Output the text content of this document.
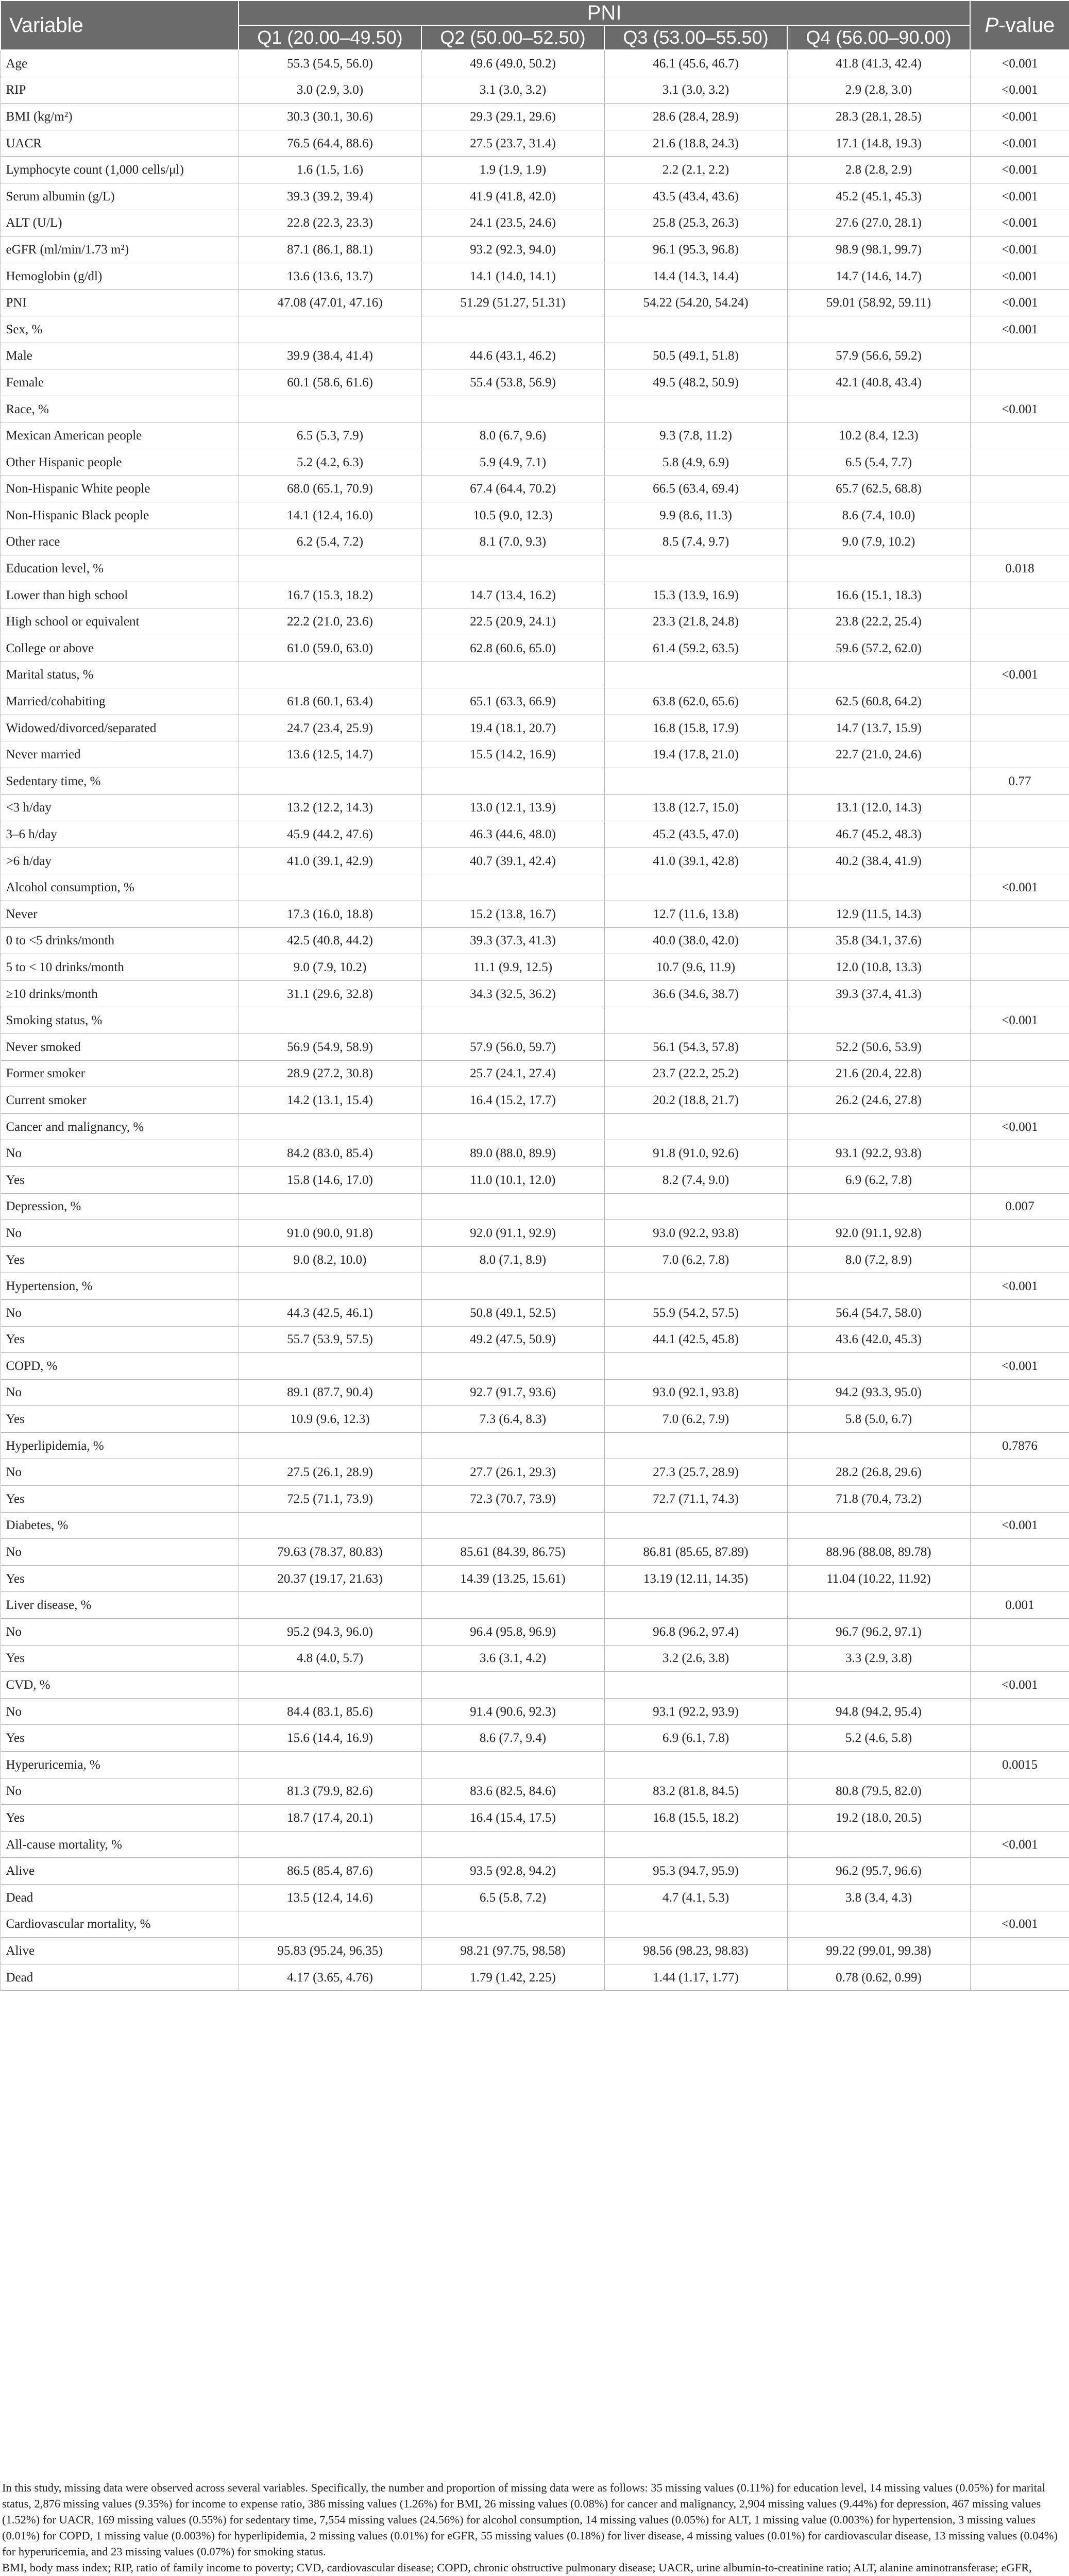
Variable	PNI				P-value
	Q1 (20.00–49.50)	Q2 (50.00–52.50)	Q3 (53.00–55.50)	Q4 (56.00–90.00)	
Age	55.3 (54.5, 56.0)	49.6 (49.0, 50.2)	46.1 (45.6, 46.7)	41.8 (41.3, 42.4)	<0.001
RIP	3.0 (2.9, 3.0)	3.1 (3.0, 3.2)	3.1 (3.0, 3.2)	2.9 (2.8, 3.0)	<0.001
BMI (kg/m²)	30.3 (30.1, 30.6)	29.3 (29.1, 29.6)	28.6 (28.4, 28.9)	28.3 (28.1, 28.5)	<0.001
UACR	76.5 (64.4, 88.6)	27.5 (23.7, 31.4)	21.6 (18.8, 24.3)	17.1 (14.8, 19.3)	<0.001
Lymphocyte count (1,000 cells/μl)	1.6 (1.5, 1.6)	1.9 (1.9, 1.9)	2.2 (2.1, 2.2)	2.8 (2.8, 2.9)	<0.001
Serum albumin (g/L)	39.3 (39.2, 39.4)	41.9 (41.8, 42.0)	43.5 (43.4, 43.6)	45.2 (45.1, 45.3)	<0.001
ALT (U/L)	22.8 (22.3, 23.3)	24.1 (23.5, 24.6)	25.8 (25.3, 26.3)	27.6 (27.0, 28.1)	<0.001
eGFR (ml/min/1.73 m²)	87.1 (86.1, 88.1)	93.2 (92.3, 94.0)	96.1 (95.3, 96.8)	98.9 (98.1, 99.7)	<0.001
Hemoglobin (g/dl)	13.6 (13.6, 13.7)	14.1 (14.0, 14.1)	14.4 (14.3, 14.4)	14.7 (14.6, 14.7)	<0.001
PNI	47.08 (47.01, 47.16)	51.29 (51.27, 51.31)	54.22 (54.20, 54.24)	59.01 (58.92, 59.11)	<0.001
Sex, %					<0.001
Male	39.9 (38.4, 41.4)	44.6 (43.1, 46.2)	50.5 (49.1, 51.8)	57.9 (56.6, 59.2)	
Female	60.1 (58.6, 61.6)	55.4 (53.8, 56.9)	49.5 (48.2, 50.9)	42.1 (40.8, 43.4)	
Race, %					<0.001
Mexican American people	6.5 (5.3, 7.9)	8.0 (6.7, 9.6)	9.3 (7.8, 11.2)	10.2 (8.4, 12.3)	
Other Hispanic people	5.2 (4.2, 6.3)	5.9 (4.9, 7.1)	5.8 (4.9, 6.9)	6.5 (5.4, 7.7)	
Non-Hispanic White people	68.0 (65.1, 70.9)	67.4 (64.4, 70.2)	66.5 (63.4, 69.4)	65.7 (62.5, 68.8)	
Non-Hispanic Black people	14.1 (12.4, 16.0)	10.5 (9.0, 12.3)	9.9 (8.6, 11.3)	8.6 (7.4, 10.0)	
Other race	6.2 (5.4, 7.2)	8.1 (7.0, 9.3)	8.5 (7.4, 9.7)	9.0 (7.9, 10.2)	
Education level, %					0.018
Lower than high school	16.7 (15.3, 18.2)	14.7 (13.4, 16.2)	15.3 (13.9, 16.9)	16.6 (15.1, 18.3)	
High school or equivalent	22.2 (21.0, 23.6)	22.5 (20.9, 24.1)	23.3 (21.8, 24.8)	23.8 (22.2, 25.4)	
College or above	61.0 (59.0, 63.0)	62.8 (60.6, 65.0)	61.4 (59.2, 63.5)	59.6 (57.2, 62.0)	
Marital status, %					<0.001
Married/cohabiting	61.8 (60.1, 63.4)	65.1 (63.3, 66.9)	63.8 (62.0, 65.6)	62.5 (60.8, 64.2)	
Widowed/divorced/separated	24.7 (23.4, 25.9)	19.4 (18.1, 20.7)	16.8 (15.8, 17.9)	14.7 (13.7, 15.9)	
Never married	13.6 (12.5, 14.7)	15.5 (14.2, 16.9)	19.4 (17.8, 21.0)	22.7 (21.0, 24.6)	
Sedentary time, %					0.77
<3 h/day	13.2 (12.2, 14.3)	13.0 (12.1, 13.9)	13.8 (12.7, 15.0)	13.1 (12.0, 14.3)	
3–6 h/day	45.9 (44.2, 47.6)	46.3 (44.6, 48.0)	45.2 (43.5, 47.0)	46.7 (45.2, 48.3)	
>6 h/day	41.0 (39.1, 42.9)	40.7 (39.1, 42.4)	41.0 (39.1, 42.8)	40.2 (38.4, 41.9)	
Alcohol consumption, %					<0.001
Never	17.3 (16.0, 18.8)	15.2 (13.8, 16.7)	12.7 (11.6, 13.8)	12.9 (11.5, 14.3)	
0 to <5 drinks/month	42.5 (40.8, 44.2)	39.3 (37.3, 41.3)	40.0 (38.0, 42.0)	35.8 (34.1, 37.6)	
5 to < 10 drinks/month	9.0 (7.9, 10.2)	11.1 (9.9, 12.5)	10.7 (9.6, 11.9)	12.0 (10.8, 13.3)	
≥10 drinks/month	31.1 (29.6, 32.8)	34.3 (32.5, 36.2)	36.6 (34.6, 38.7)	39.3 (37.4, 41.3)	
Smoking status, %					<0.001
Never smoked	56.9 (54.9, 58.9)	57.9 (56.0, 59.7)	56.1 (54.3, 57.8)	52.2 (50.6, 53.9)	
Former smoker	28.9 (27.2, 30.8)	25.7 (24.1, 27.4)	23.7 (22.2, 25.2)	21.6 (20.4, 22.8)	
Current smoker	14.2 (13.1, 15.4)	16.4 (15.2, 17.7)	20.2 (18.8, 21.7)	26.2 (24.6, 27.8)	
Cancer and malignancy, %					<0.001
No	84.2 (83.0, 85.4)	89.0 (88.0, 89.9)	91.8 (91.0, 92.6)	93.1 (92.2, 93.8)	
Yes	15.8 (14.6, 17.0)	11.0 (10.1, 12.0)	8.2 (7.4, 9.0)	6.9 (6.2, 7.8)	
Depression, %					0.007
No	91.0 (90.0, 91.8)	92.0 (91.1, 92.9)	93.0 (92.2, 93.8)	92.0 (91.1, 92.8)	
Yes	9.0 (8.2, 10.0)	8.0 (7.1, 8.9)	7.0 (6.2, 7.8)	8.0 (7.2, 8.9)	
Hypertension, %					<0.001
No	44.3 (42.5, 46.1)	50.8 (49.1, 52.5)	55.9 (54.2, 57.5)	56.4 (54.7, 58.0)	
Yes	55.7 (53.9, 57.5)	49.2 (47.5, 50.9)	44.1 (42.5, 45.8)	43.6 (42.0, 45.3)	
COPD, %					<0.001
No	89.1 (87.7, 90.4)	92.7 (91.7, 93.6)	93.0 (92.1, 93.8)	94.2 (93.3, 95.0)	
Yes	10.9 (9.6, 12.3)	7.3 (6.4, 8.3)	7.0 (6.2, 7.9)	5.8 (5.0, 6.7)	
Hyperlipidemia, %					0.7876
No	27.5 (26.1, 28.9)	27.7 (26.1, 29.3)	27.3 (25.7, 28.9)	28.2 (26.8, 29.6)	
Yes	72.5 (71.1, 73.9)	72.3 (70.7, 73.9)	72.7 (71.1, 74.3)	71.8 (70.4, 73.2)	
Diabetes, %					<0.001
No	79.63 (78.37, 80.83)	85.61 (84.39, 86.75)	86.81 (85.65, 87.89)	88.96 (88.08, 89.78)	
Yes	20.37 (19.17, 21.63)	14.39 (13.25, 15.61)	13.19 (12.11, 14.35)	11.04 (10.22, 11.92)	
Liver disease, %					0.001
No	95.2 (94.3, 96.0)	96.4 (95.8, 96.9)	96.8 (96.2, 97.4)	96.7 (96.2, 97.1)	
Yes	4.8 (4.0, 5.7)	3.6 (3.1, 4.2)	3.2 (2.6, 3.8)	3.3 (2.9, 3.8)	
CVD, %					<0.001
No	84.4 (83.1, 85.6)	91.4 (90.6, 92.3)	93.1 (92.2, 93.9)	94.8 (94.2, 95.4)	
Yes	15.6 (14.4, 16.9)	8.6 (7.7, 9.4)	6.9 (6.1, 7.8)	5.2 (4.6, 5.8)	
Hyperuricemia, %					0.0015
No	81.3 (79.9, 82.6)	83.6 (82.5, 84.6)	83.2 (81.8, 84.5)	80.8 (79.5, 82.0)	
Yes	18.7 (17.4, 20.1)	16.4 (15.4, 17.5)	16.8 (15.5, 18.2)	19.2 (18.0, 20.5)	
All-cause mortality, %					<0.001
Alive	86.5 (85.4, 87.6)	93.5 (92.8, 94.2)	95.3 (94.7, 95.9)	96.2 (95.7, 96.6)	
Dead	13.5 (12.4, 14.6)	6.5 (5.8, 7.2)	4.7 (4.1, 5.3)	3.8 (3.4, 4.3)	
Cardiovascular mortality, %					<0.001
Alive	95.83 (95.24, 96.35)	98.21 (97.75, 98.58)	98.56 (98.23, 98.83)	99.22 (99.01, 99.38)	
Dead	4.17 (3.65, 4.76)	1.79 (1.42, 2.25)	1.44 (1.17, 1.77)	0.78 (0.62, 0.99)	

In this study, missing data were observed across several variables. Specifically, the number and proportion of missing data were as follows: 35 missing values (0.11%) for education level, 14 missing values (0.05%) for marital status, 2,876 missing values (9.35%) for income to expense ratio, 386 missing values (1.26%) for BMI, 26 missing values (0.08%) for cancer and malignancy, 2,904 missing values (9.44%) for depression, 467 missing values (1.52%) for UACR, 169 missing values (0.55%) for sedentary time, 7,554 missing values (24.56%) for alcohol consumption, 14 missing values (0.05%) for ALT, 1 missing value (0.003%) for hypertension, 3 missing values (0.01%) for COPD, 1 missing value (0.003%) for hyperlipidemia, 2 missing values (0.01%) for eGFR, 55 missing values (0.18%) for liver disease, 4 missing values (0.01%) for cardiovascular disease, 13 missing values (0.04%) for hyperuricemia, and 23 missing values (0.07%) for smoking status.

BMI, body mass index; RIP, ratio of family income to poverty; CVD, cardiovascular disease; COPD, chronic obstructive pulmonary disease; UACR, urine albumin-to-creatinine ratio; ALT, alanine aminotransferase; eGFR,
